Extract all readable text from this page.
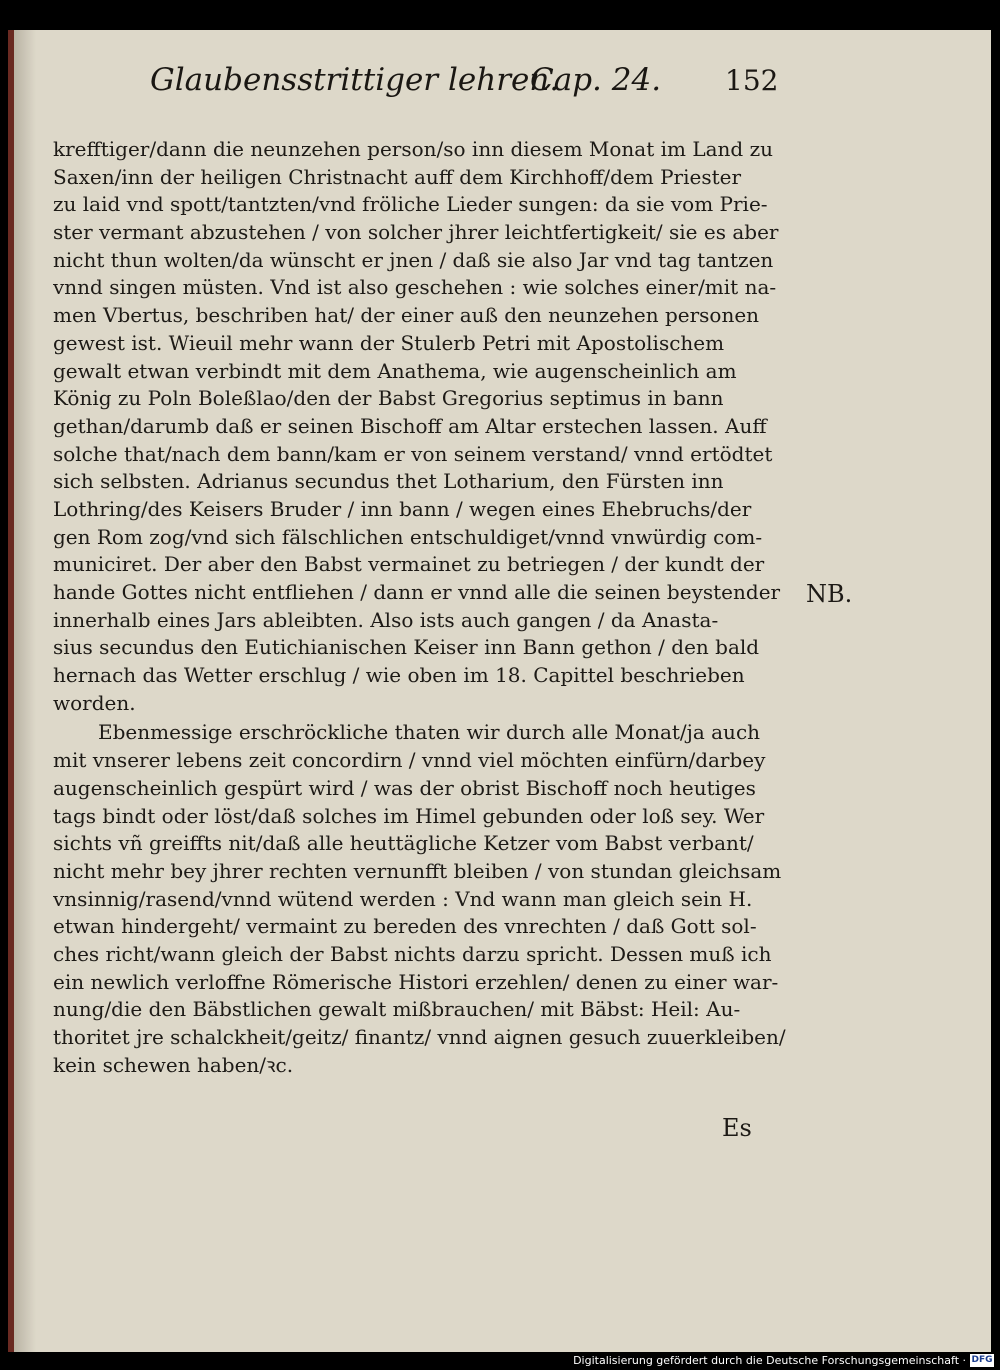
Glaubensstrittiger lehren.
Cap. 24. 152
krefftiger/dann die neunzehen person/so inn diesem Monat im Land zu
Saxen/inn der heiligen Christnacht auff dem Kirchhoff/dem Priester
zu laid vnd spott/tantzten/vnd fröliche Lieder sungen: da sie vom Prie-
ster vermant abzustehen / von solcher jhrer leichtfertigkeit/ sie es aber
nicht thun wolten/da wünscht er jnen / daß sie also Jar vnd tag tantzen
vnnd singen müsten. Vnd ist also geschehen : wie solches einer/mit na-
men Vbertus, beschriben hat/ der einer auß den neunzehen personen
gewest ist. Wieuil mehr wann der Stulerb Petri mit Apostolischem
gewalt etwan verbindt mit dem Anathema, wie augenscheinlich am
König zu Poln Boleßlao/den der Babst Gregorius septimus in bann
gethan/darumb daß er seinen Bischoff am Altar erstechen lassen. Auff
solche that/nach dem bann/kam er von seinem verstand/ vnnd ertödtet
sich selbsten. Adrianus secundus thet Lotharium, den Fürsten inn
Lothring/des Keisers Bruder / inn bann / wegen eines Ehebruchs/der
gen Rom zog/vnd sich fälschlichen entschuldiget/vnnd vnwürdig com-
municiret. Der aber den Babst vermainet zu betriegen / der kundt der
hande Gottes nicht entfliehen / dann er vnnd alle die seinen beystender
innerhalb eines Jars ableibten. Also ists auch gangen / da Anasta-
sius secundus den Eutichianischen Keiser inn Bann gethon / den bald
hernach das Wetter erschlug / wie oben im 18. Capittel beschrieben
worden.
Ebenmessige erschröckliche thaten wir durch alle Monat/ja auch
mit vnserer lebens zeit concordirn / vnnd viel möchten einfürn/darbey
augenscheinlich gespürt wird / was der obrist Bischoff noch heutiges
tags bindt oder löst/daß solches im Himel gebunden oder loß sey. Wer
sichts vñ greiffts nit/daß alle heuttägliche Ketzer vom Babst verbant/
nicht mehr bey jhrer rechten vernunfft bleiben / von stundan gleichsam
vnsinnig/rasend/vnnd wütend werden : Vnd wann man gleich sein H.
etwan hindergeht/ vermaint zu bereden des vnrechten / daß Gott sol-
ches richt/wann gleich der Babst nichts darzu spricht. Dessen muß ich
ein newlich verloffne Römerische Histori erzehlen/ denen zu einer war-
nung/die den Bäbstlichen gewalt mißbrauchen/ mit Bäbst: Heil: Au-
thoritet jre schalckheit/geitz/ finantz/ vnnd aignen gesuch zuuerkleiben/
kein schewen haben/ꝛc.
NB.
Es
Digitalisierung gefördert durch die Deutsche Forschungsgemeinschaft · DFG
